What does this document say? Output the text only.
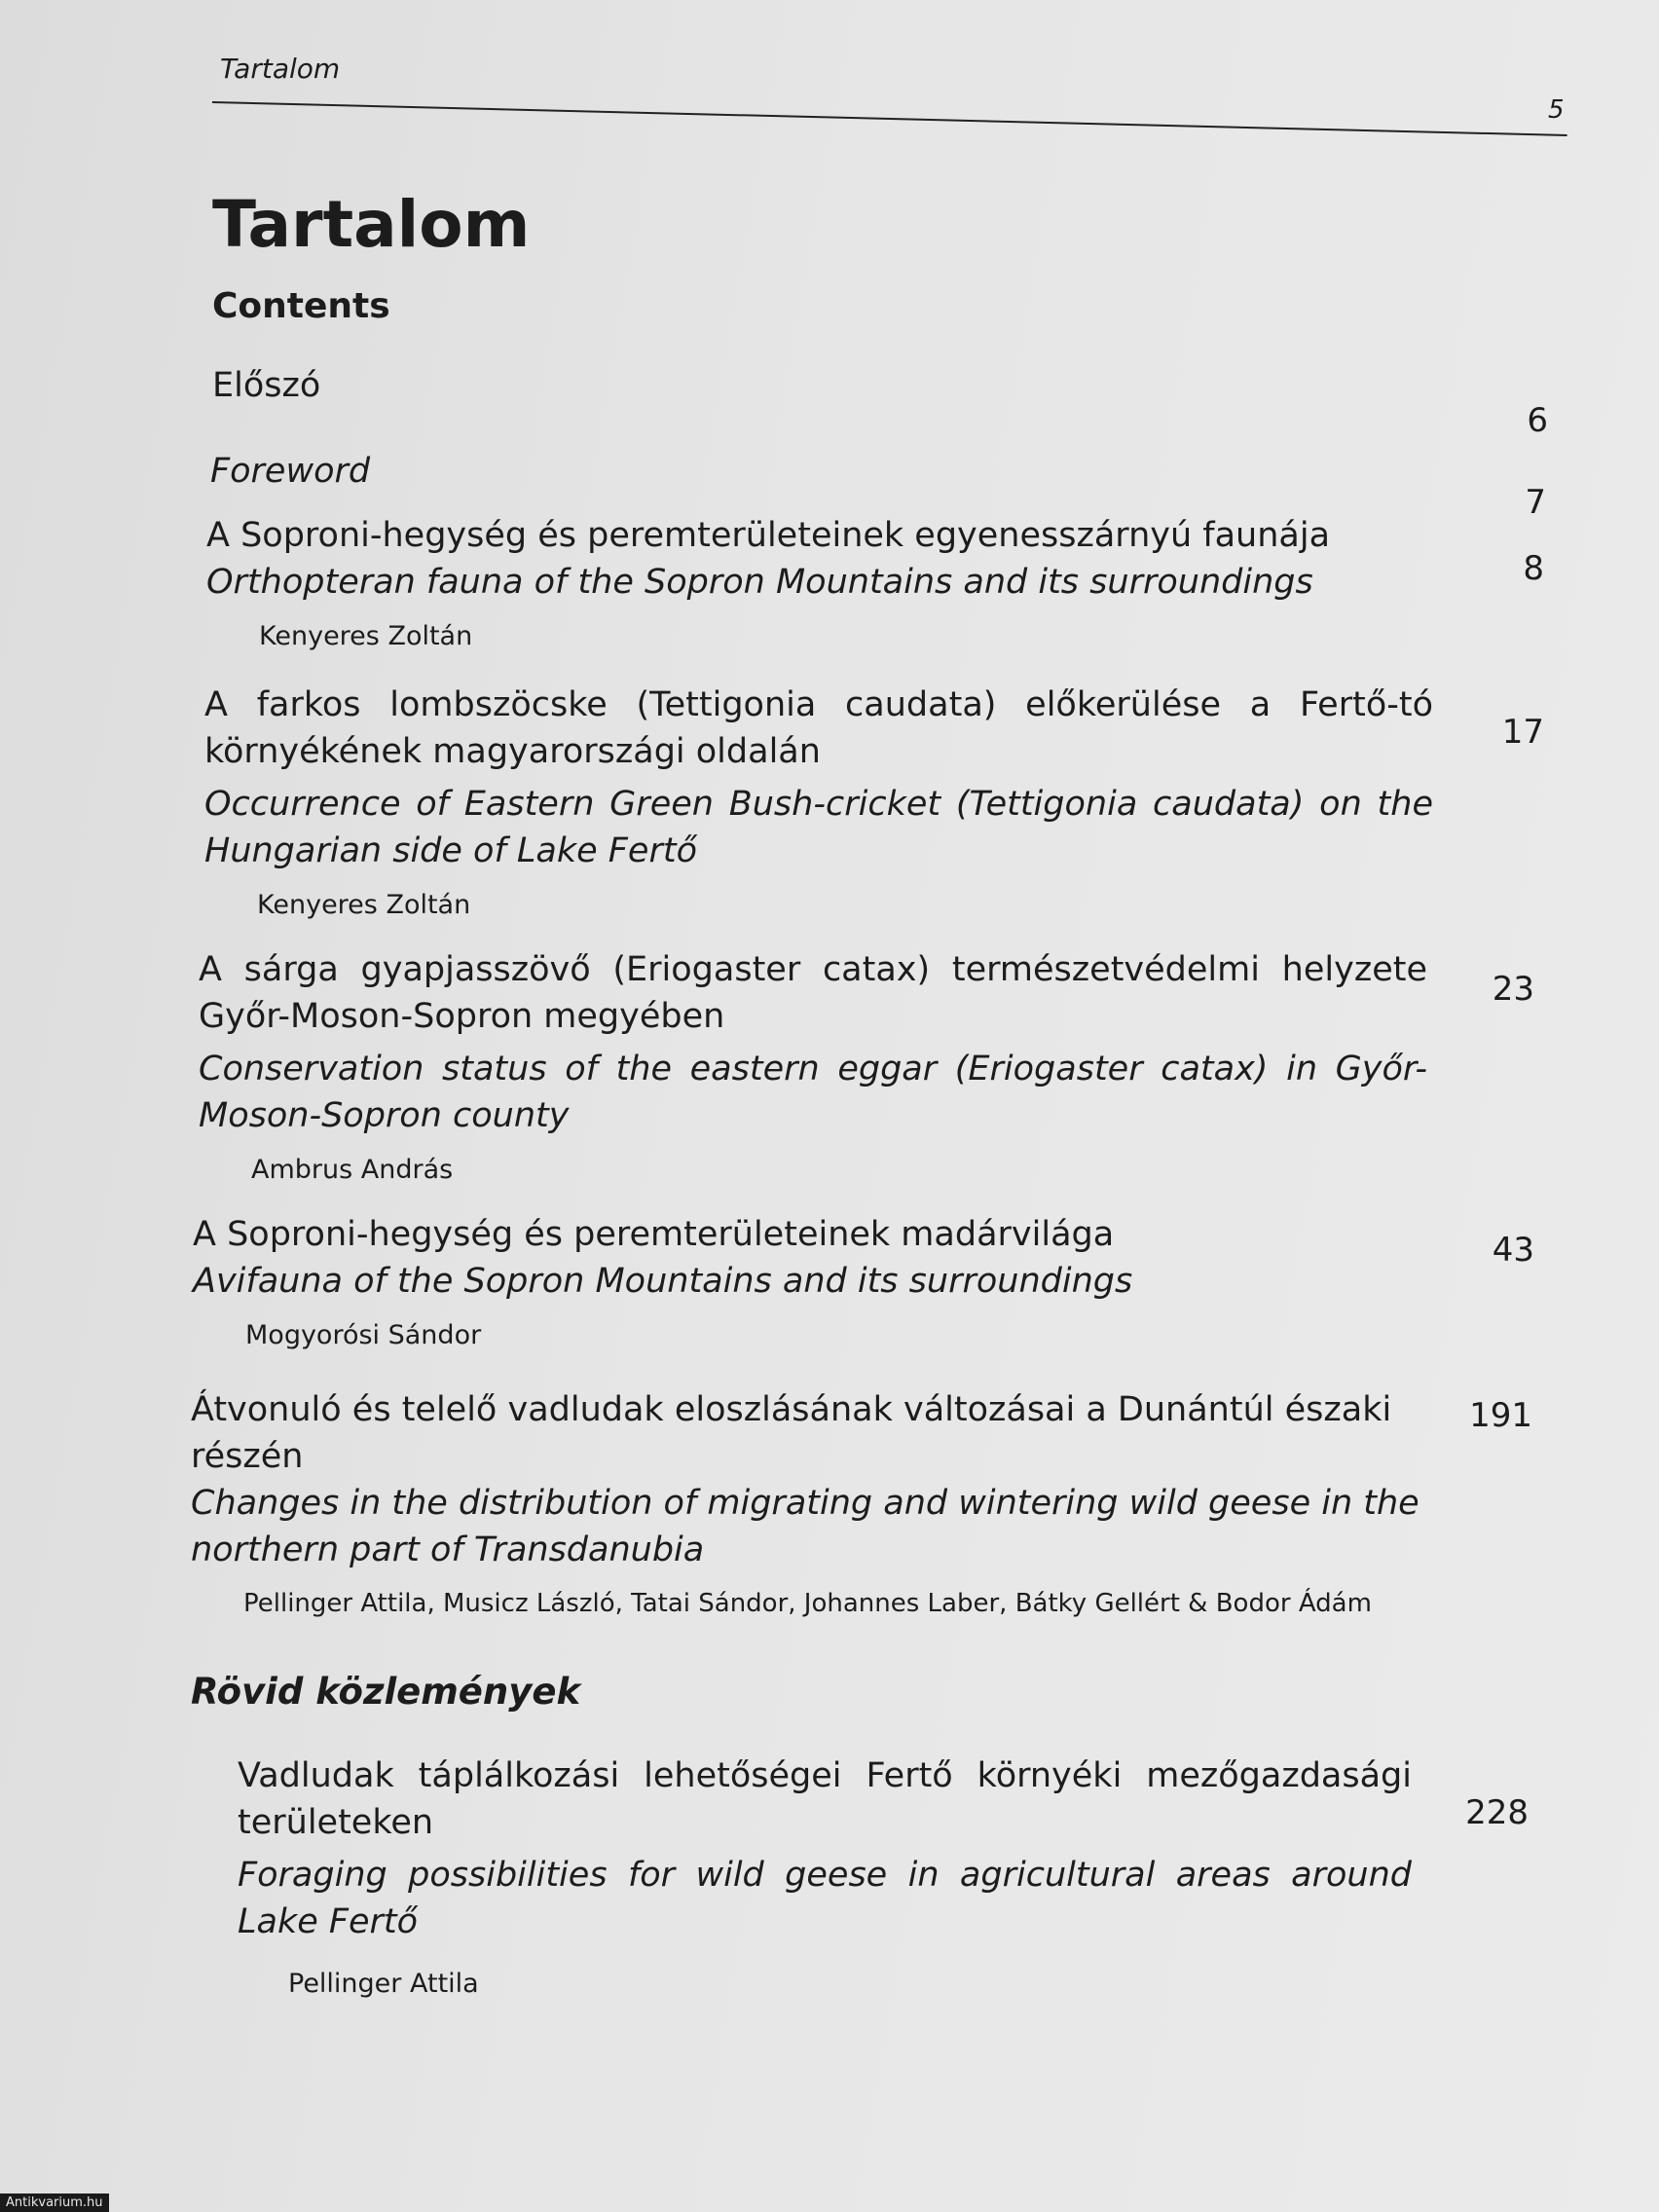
Tartalom
5
Tartalom
Contents
Előszó
6
Foreword
7
A Soproni-hegység és peremterületeinek egyenesszárnyú faunája
Orthopteran fauna of the Sopron Mountains and its surroundings
Kenyeres Zoltán
8
A farkos lombszöcske (Tettigonia caudata) előkerülése a Fertő-tó környékének magyarországi oldalán
Occurrence of Eastern Green Bush-cricket (Tettigonia caudata) on the Hungarian side of Lake Fertő
Kenyeres Zoltán
17
A sárga gyapjasszövő (Eriogaster catax) természetvédelmi helyzete Győr-Moson-Sopron megyében
Conservation status of the eastern eggar (Eriogaster catax) in Győr-Moson-Sopron county
Ambrus András
23
A Soproni-hegység és peremterületeinek madárvilága
Avifauna of the Sopron Mountains and its surroundings
Mogyorósi Sándor
43
Átvonuló és telelő vadludak eloszlásának változásai a Dunántúl északi részén
Changes in the distribution of migrating and wintering wild geese in the northern part of Transdanubia
Pellinger Attila, Musicz László, Tatai Sándor, Johannes Laber, Bátky Gellért & Bodor Ádám
191
Rövid közlemények
Vadludak táplálkozási lehetőségei Fertő környéki mezőgazdasági területeken
Foraging possibilities for wild geese in agricultural areas around Lake Fertő
Pellinger Attila
228
Antikvarium.hu
